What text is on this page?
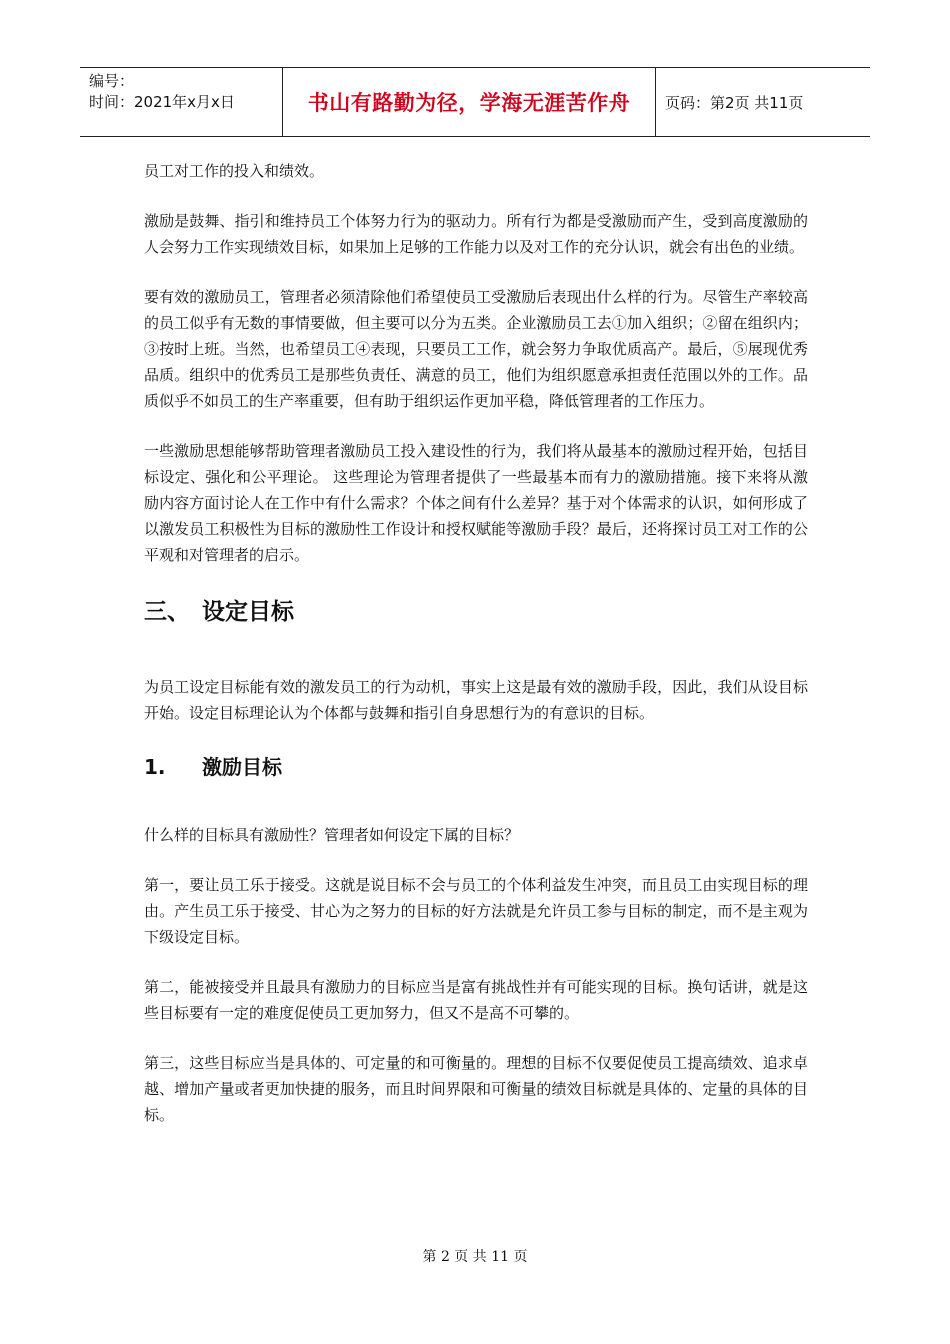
编号：
时间：2021年x月x日	书山有路勤为径，学海无涯苦作舟	页码：第2页 共11页

员工对工作的投入和绩效。

激励是鼓舞、指引和维持员工个体努力行为的驱动力。所有行为都是受激励而产生，受到高度激励的人会努力工作实现绩效目标，如果加上足够的工作能力以及对工作的充分认识，就会有出色的业绩。

要有效的激励员工，管理者必须清除他们希望使员工受激励后表现出什么样的行为。尽管生产率较高的员工似乎有无数的事情要做，但主要可以分为五类。企业激励员工去①加入组织；②留在组织内；③按时上班。当然，也希望员工④表现，只要员工工作，就会努力争取优质高产。最后，⑤展现优秀品质。组织中的优秀员工是那些负责任、满意的员工，他们为组织愿意承担责任范围以外的工作。品质似乎不如员工的生产率重要，但有助于组织运作更加平稳，降低管理者的工作压力。

一些激励思想能够帮助管理者激励员工投入建设性的行为，我们将从最基本的激励过程开始，包括目标设定、强化和公平理论。 这些理论为管理者提供了一些最基本而有力的激励措施。接下来将从激励内容方面讨论人在工作中有什么需求？个体之间有什么差异？基于对个体需求的认识，如何形成了以激发员工积极性为目标的激励性工作设计和授权赋能等激励手段？最后，还将探讨员工对工作的公平观和对管理者的启示。

三、 设定目标

为员工设定目标能有效的激发员工的行为动机，事实上这是最有效的激励手段，因此，我们从设目标开始。设定目标理论认为个体都与鼓舞和指引自身思想行为的有意识的目标。

1. 激励目标

什么样的目标具有激励性？管理者如何设定下属的目标？

第一，要让员工乐于接受。这就是说目标不会与员工的个体利益发生冲突，而且员工由实现目标的理由。产生员工乐于接受、甘心为之努力的目标的好方法就是允许员工参与目标的制定，而不是主观为下级设定目标。

第二，能被接受并且最具有激励力的目标应当是富有挑战性并有可能实现的目标。换句话讲，就是这些目标要有一定的难度促使员工更加努力，但又不是高不可攀的。

第三，这些目标应当是具体的、可定量的和可衡量的。理想的目标不仅要促使员工提高绩效、追求卓越、增加产量或者更加快捷的服务，而且时间界限和可衡量的绩效目标就是具体的、定量的具体的目标。

第 2 页 共 11 页
